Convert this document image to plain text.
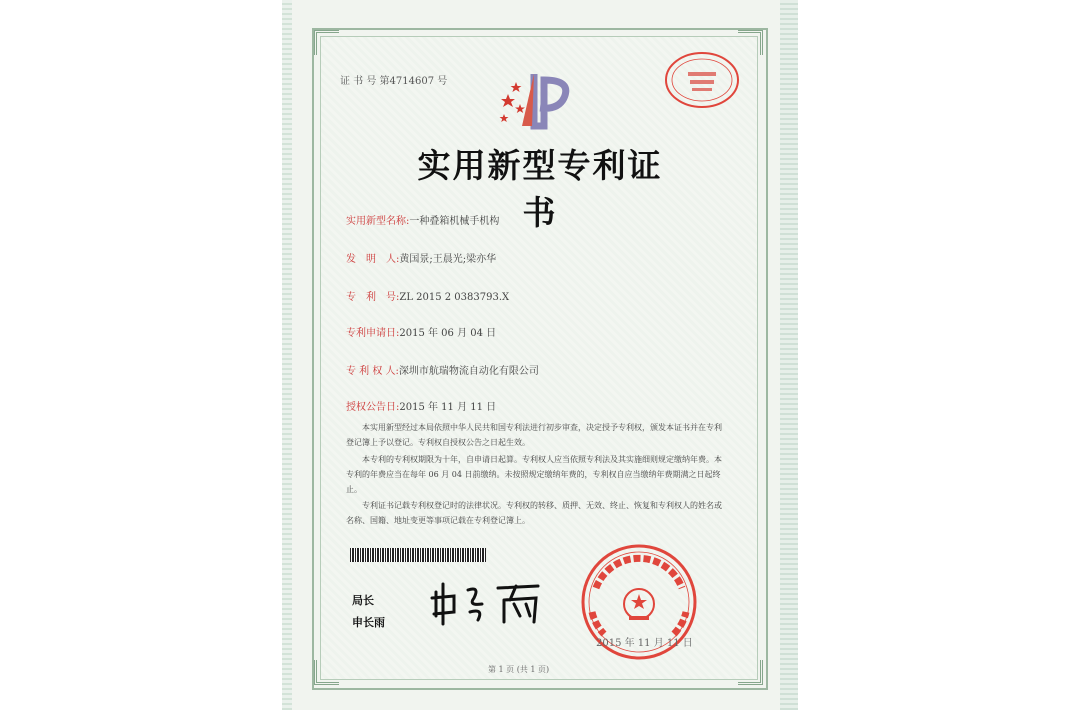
证 书 号 第4714607 号
实用新型专利证书
实用新型名称:一种叠箱机械手机构
发　明　人:黄国景;王晨光;梁亦华
专　利　号:ZL 2015 2 0383793.X
专利申请日:2015 年 06 月 04 日
专 利 权 人:深圳市航瑞物流自动化有限公司
授权公告日:2015 年 11 月 11 日
本实用新型经过本局依照中华人民共和国专利法进行初步审查，决定授予专利权，颁发本证书并在专利登记簿上予以登记。专利权自授权公告之日起生效。
本专利的专利权期限为十年，自申请日起算。专利权人应当依照专利法及其实施细则规定缴纳年费。本专利的年费应当在每年 06 月 04 日前缴纳。未按照规定缴纳年费的，专利权自应当缴纳年费期满之日起终止。
专利证书记载专利权登记时的法律状况。专利权的转移、质押、无效、终止、恢复和专利权人的姓名或名称、国籍、地址变更等事项记载在专利登记簿上。
局长
申长雨
2015 年 11 月 11 日
第 1 页 (共 1 页)
